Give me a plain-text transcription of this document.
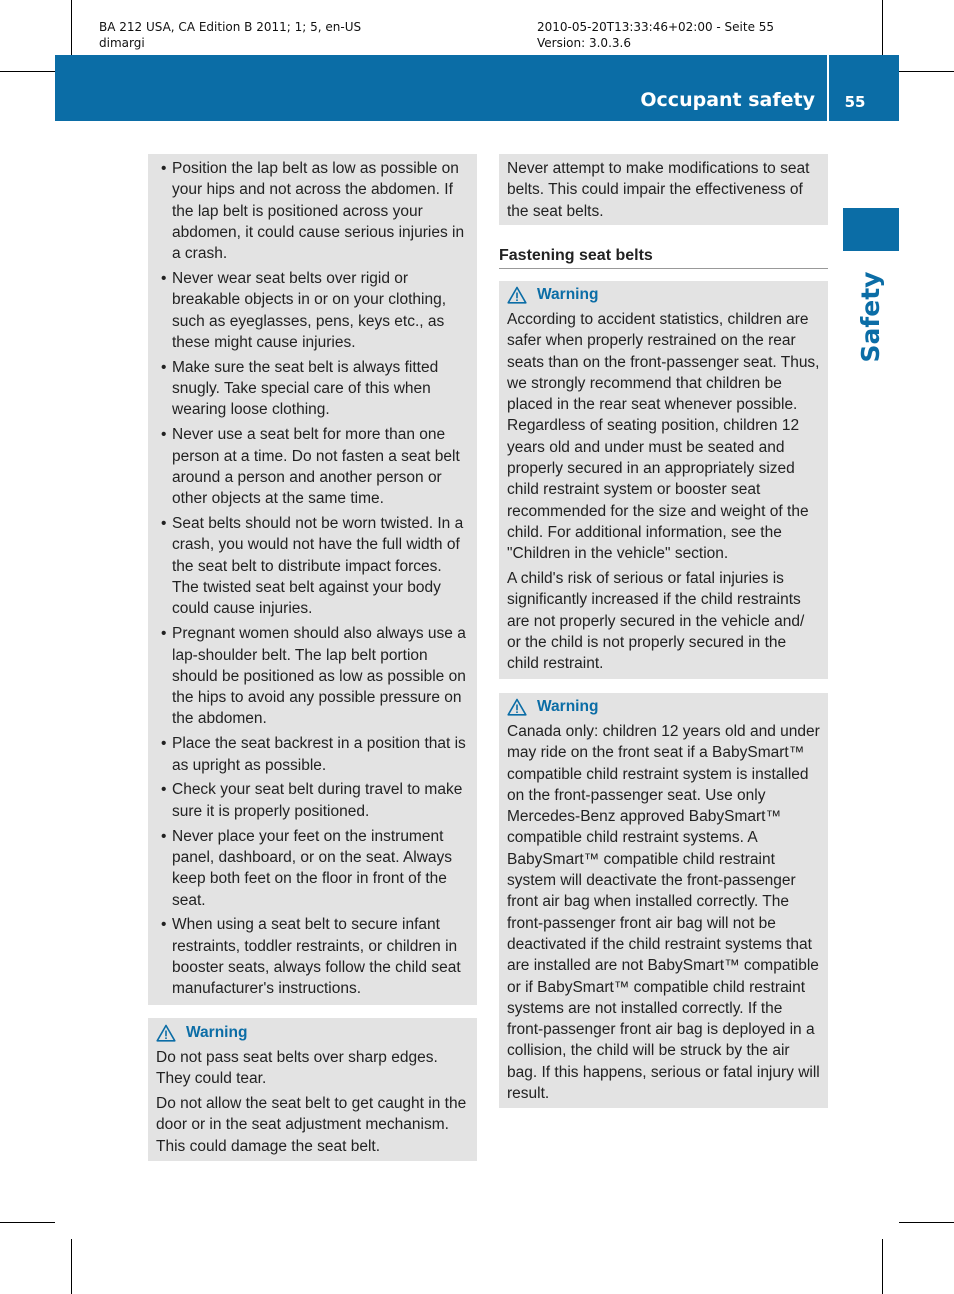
BA 212 USA, CA Edition B 2011; 1; 5, en-US
dimargi
2010-05-20T13:33:46+02:00 - Seite 55
Version: 3.0.3.6
Occupant safety	55
Safety
• Position the lap belt as low as possible on your hips and not across the abdomen. If the lap belt is positioned across your abdomen, it could cause serious injuries in a crash.
• Never wear seat belts over rigid or breakable objects in or on your clothing, such as eyeglasses, pens, keys etc., as these might cause injuries.
• Make sure the seat belt is always fitted snugly. Take special care of this when wearing loose clothing.
• Never use a seat belt for more than one person at a time. Do not fasten a seat belt around a person and another person or other objects at the same time.
• Seat belts should not be worn twisted. In a crash, you would not have the full width of the seat belt to distribute impact forces. The twisted seat belt against your body could cause injuries.
• Pregnant women should also always use a lap-shoulder belt. The lap belt portion should be positioned as low as possible on the hips to avoid any possible pressure on the abdomen.
• Place the seat backrest in a position that is as upright as possible.
• Check your seat belt during travel to make sure it is properly positioned.
• Never place your feet on the instrument panel, dashboard, or on the seat. Always keep both feet on the floor in front of the seat.
• When using a seat belt to secure infant restraints, toddler restraints, or children in booster seats, always follow the child seat manufacturer's instructions.
Warning

Do not pass seat belts over sharp edges. They could tear.

Do not allow the seat belt to get caught in the door or in the seat adjustment mechanism. This could damage the seat belt.

Never attempt to make modifications to seat belts. This could impair the effectiveness of the seat belts.

Fastening seat belts
Warning

According to accident statistics, children are safer when properly restrained on the rear seats than on the front-passenger seat. Thus, we strongly recommend that children be placed in the rear seat whenever possible. Regardless of seating position, children 12 years old and under must be seated and properly secured in an appropriately sized child restraint system or booster seat recommended for the size and weight of the child. For additional information, see the "Children in the vehicle" section.

A child's risk of serious or fatal injuries is significantly increased if the child restraints are not properly secured in the vehicle and/ or the child is not properly secured in the child restraint.

Warning

Canada only: children 12 years old and under may ride on the front seat if a BabySmart™ compatible child restraint system is installed on the front-passenger seat. Use only Mercedes-Benz approved BabySmart™ compatible child restraint systems. A BabySmart™ compatible child restraint system will deactivate the front-passenger front air bag when installed correctly. The front-passenger front air bag will not be deactivated if the child restraint systems that are installed are not BabySmart™ compatible or if BabySmart™ compatible child restraint systems are not installed correctly. If the front-passenger front air bag is deployed in a collision, the child will be struck by the air bag. If this happens, serious or fatal injury will result.
